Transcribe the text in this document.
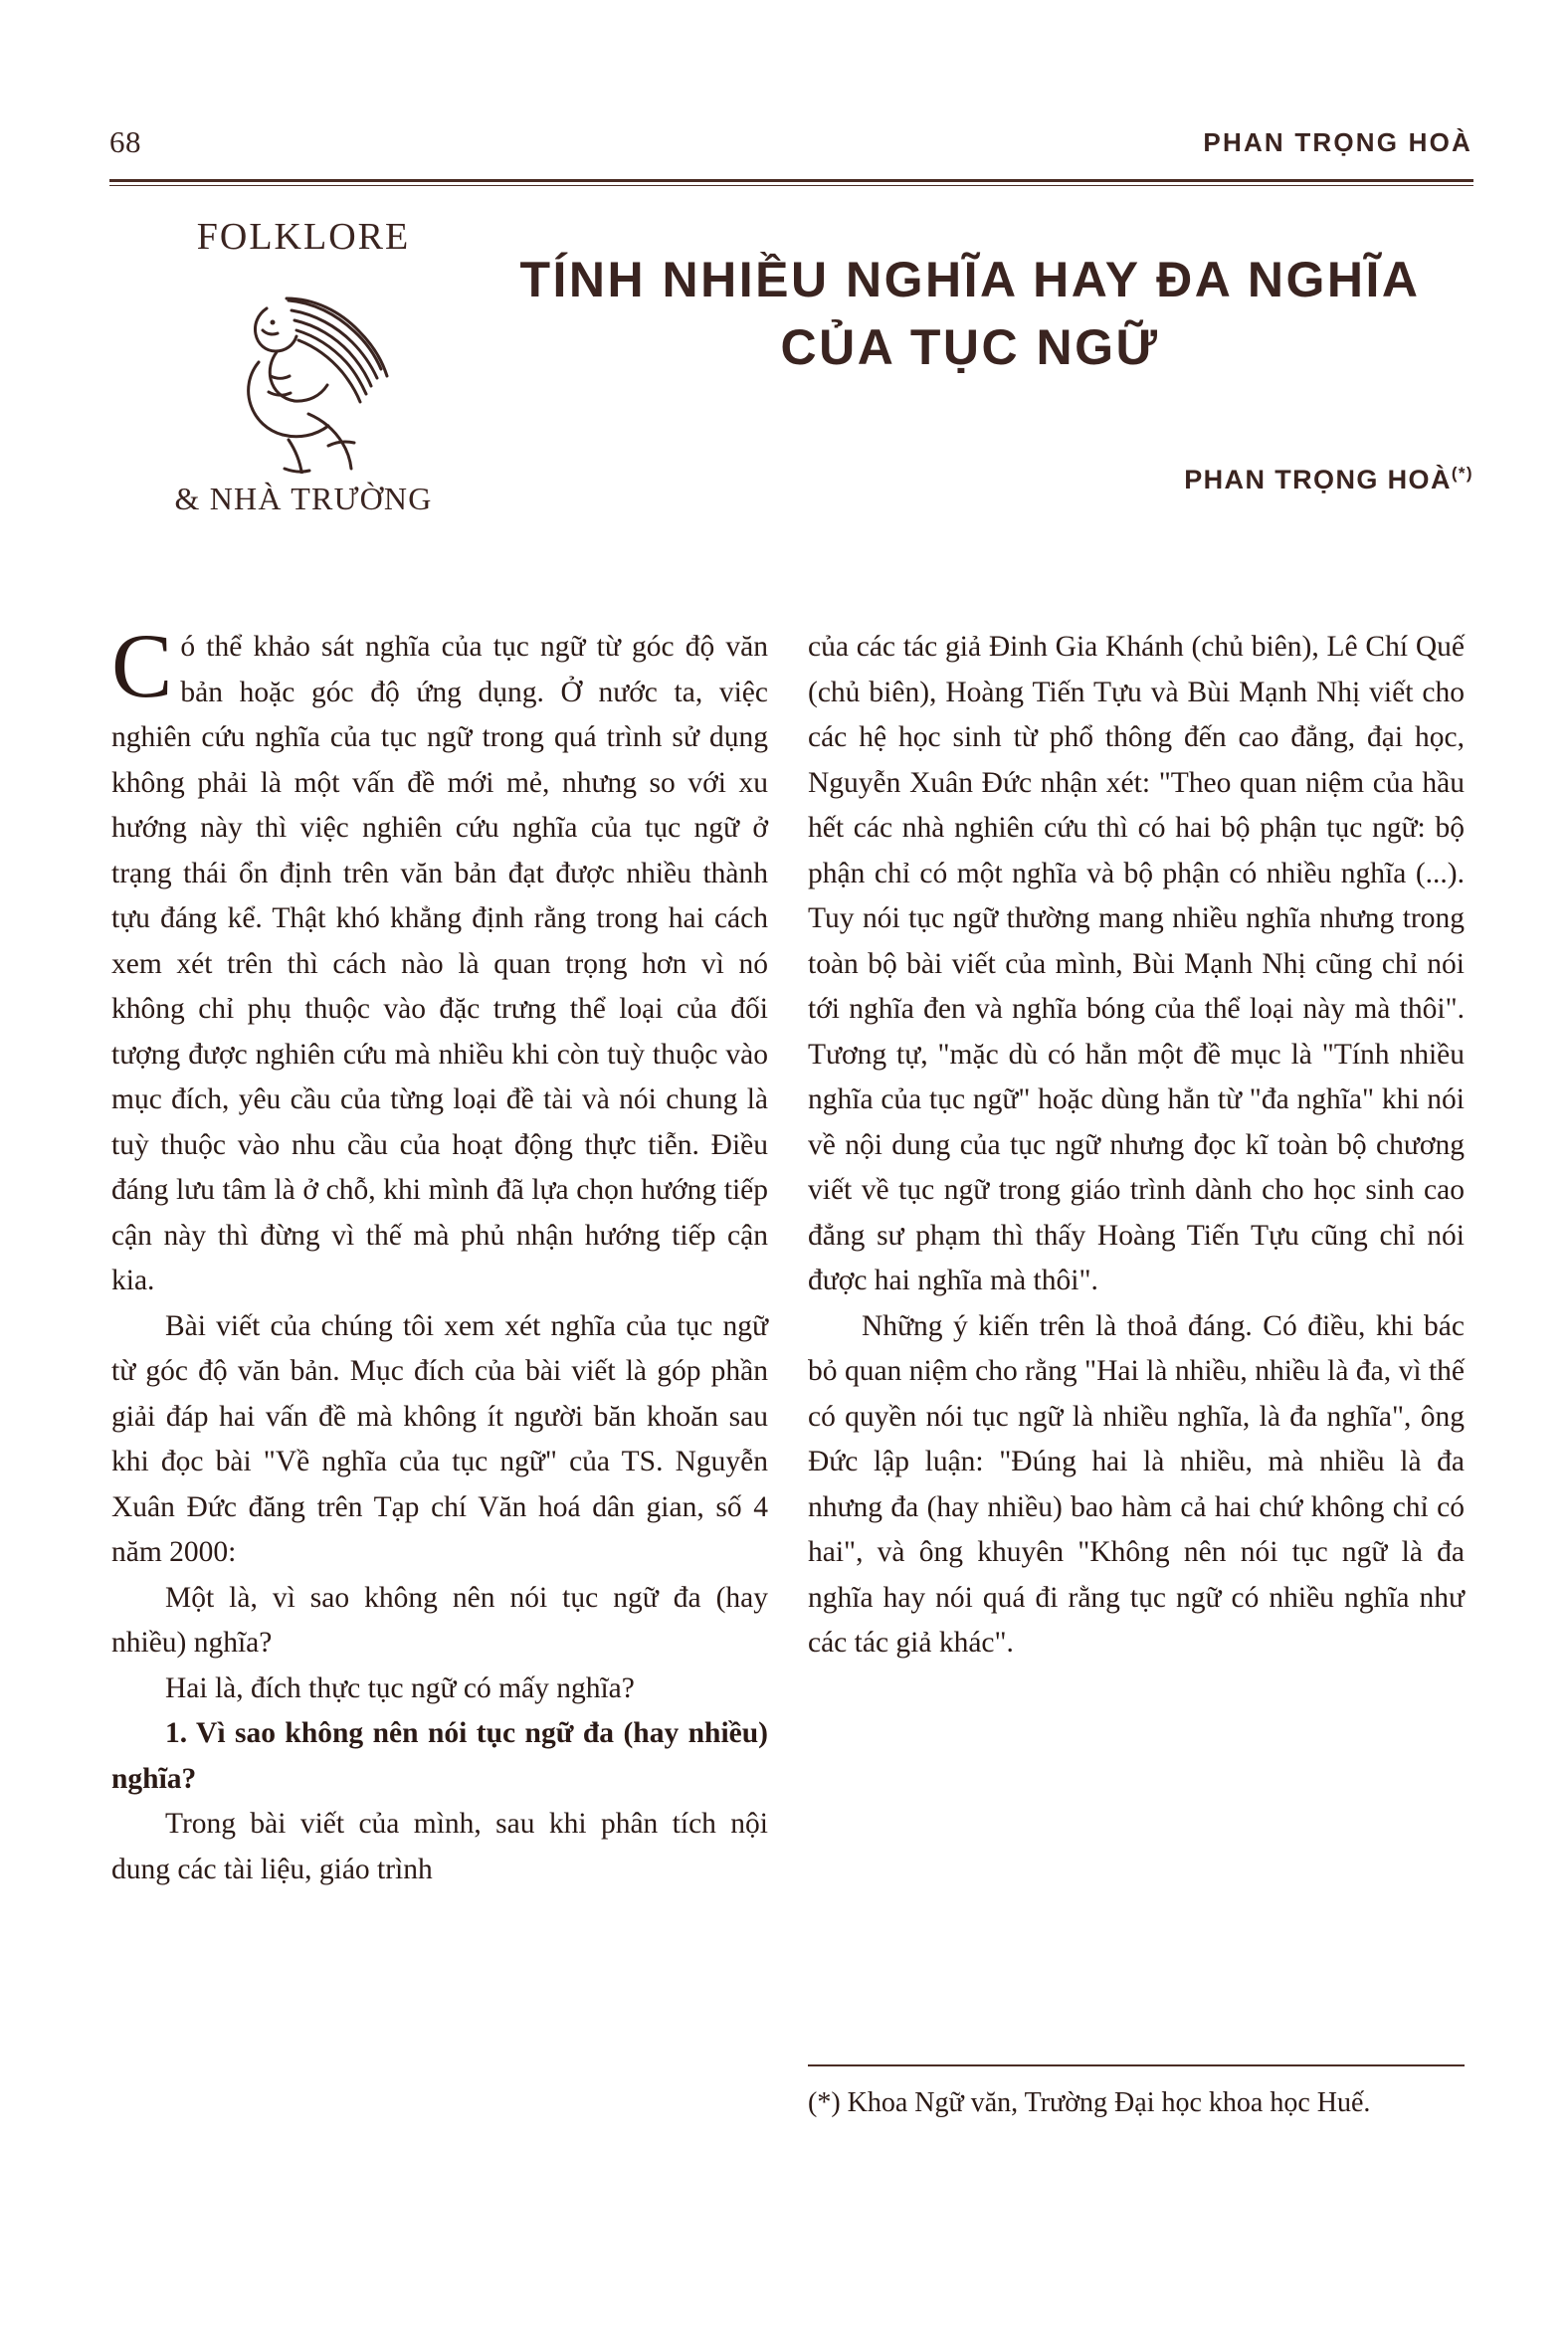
68	PHAN TRỌNG HOÀ
FOLKLORE
& NHÀ TRƯỜNG
TÍNH NHIỀU NGHĨA HAY ĐA NGHĨA
CỦA TỤC NGỮ
PHAN TRỌNG HOÀ(*)

Có thể khảo sát nghĩa của tục ngữ từ góc độ văn bản hoặc góc độ ứng dụng. Ở nước ta, việc nghiên cứu nghĩa của tục ngữ trong quá trình sử dụng không phải là một vấn đề mới mẻ, nhưng so với xu hướng này thì việc nghiên cứu nghĩa của tục ngữ ở trạng thái ổn định trên văn bản đạt được nhiều thành tựu đáng kể. Thật khó khẳng định rằng trong hai cách xem xét trên thì cách nào là quan trọng hơn vì nó không chỉ phụ thuộc vào đặc trưng thể loại của đối tượng được nghiên cứu mà nhiều khi còn tuỳ thuộc vào mục đích, yêu cầu của từng loại đề tài và nói chung là tuỳ thuộc vào nhu cầu của hoạt động thực tiễn. Điều đáng lưu tâm là ở chỗ, khi mình đã lựa chọn hướng tiếp cận này thì đừng vì thế mà phủ nhận hướng tiếp cận kia.

Bài viết của chúng tôi xem xét nghĩa của tục ngữ từ góc độ văn bản. Mục đích của bài viết là góp phần giải đáp hai vấn đề mà không ít người băn khoăn sau khi đọc bài "Về nghĩa của tục ngữ" của TS. Nguyễn Xuân Đức đăng trên Tạp chí Văn hoá dân gian, số 4 năm 2000:

Một là, vì sao không nên nói tục ngữ đa (hay nhiều) nghĩa?

Hai là, đích thực tục ngữ có mấy nghĩa?

1. Vì sao không nên nói tục ngữ đa (hay nhiều) nghĩa?

Trong bài viết của mình, sau khi phân tích nội dung các tài liệu, giáo trình

của các tác giả Đinh Gia Khánh (chủ biên), Lê Chí Quế (chủ biên), Hoàng Tiến Tựu và Bùi Mạnh Nhị viết cho các hệ học sinh từ phổ thông đến cao đẳng, đại học, Nguyễn Xuân Đức nhận xét: "Theo quan niệm của hầu hết các nhà nghiên cứu thì có hai bộ phận tục ngữ: bộ phận chỉ có một nghĩa và bộ phận có nhiều nghĩa (...). Tuy nói tục ngữ thường mang nhiều nghĩa nhưng trong toàn bộ bài viết của mình, Bùi Mạnh Nhị cũng chỉ nói tới nghĩa đen và nghĩa bóng của thể loại này mà thôi". Tương tự, "mặc dù có hẳn một đề mục là "Tính nhiều nghĩa của tục ngữ" hoặc dùng hẳn từ "đa nghĩa" khi nói về nội dung của tục ngữ nhưng đọc kĩ toàn bộ chương viết về tục ngữ trong giáo trình dành cho học sinh cao đẳng sư phạm thì thấy Hoàng Tiến Tựu cũng chỉ nói được hai nghĩa mà thôi".

Những ý kiến trên là thoả đáng. Có điều, khi bác bỏ quan niệm cho rằng "Hai là nhiều, nhiều là đa, vì thế có quyền nói tục ngữ là nhiều nghĩa, là đa nghĩa", ông Đức lập luận: "Đúng hai là nhiều, mà nhiều là đa nhưng đa (hay nhiều) bao hàm cả hai chứ không chỉ có hai", và ông khuyên "Không nên nói tục ngữ là đa nghĩa hay nói quá đi rằng tục ngữ có nhiều nghĩa như các tác giả khác".

(*) Khoa Ngữ văn, Trường Đại học khoa học Huế.
